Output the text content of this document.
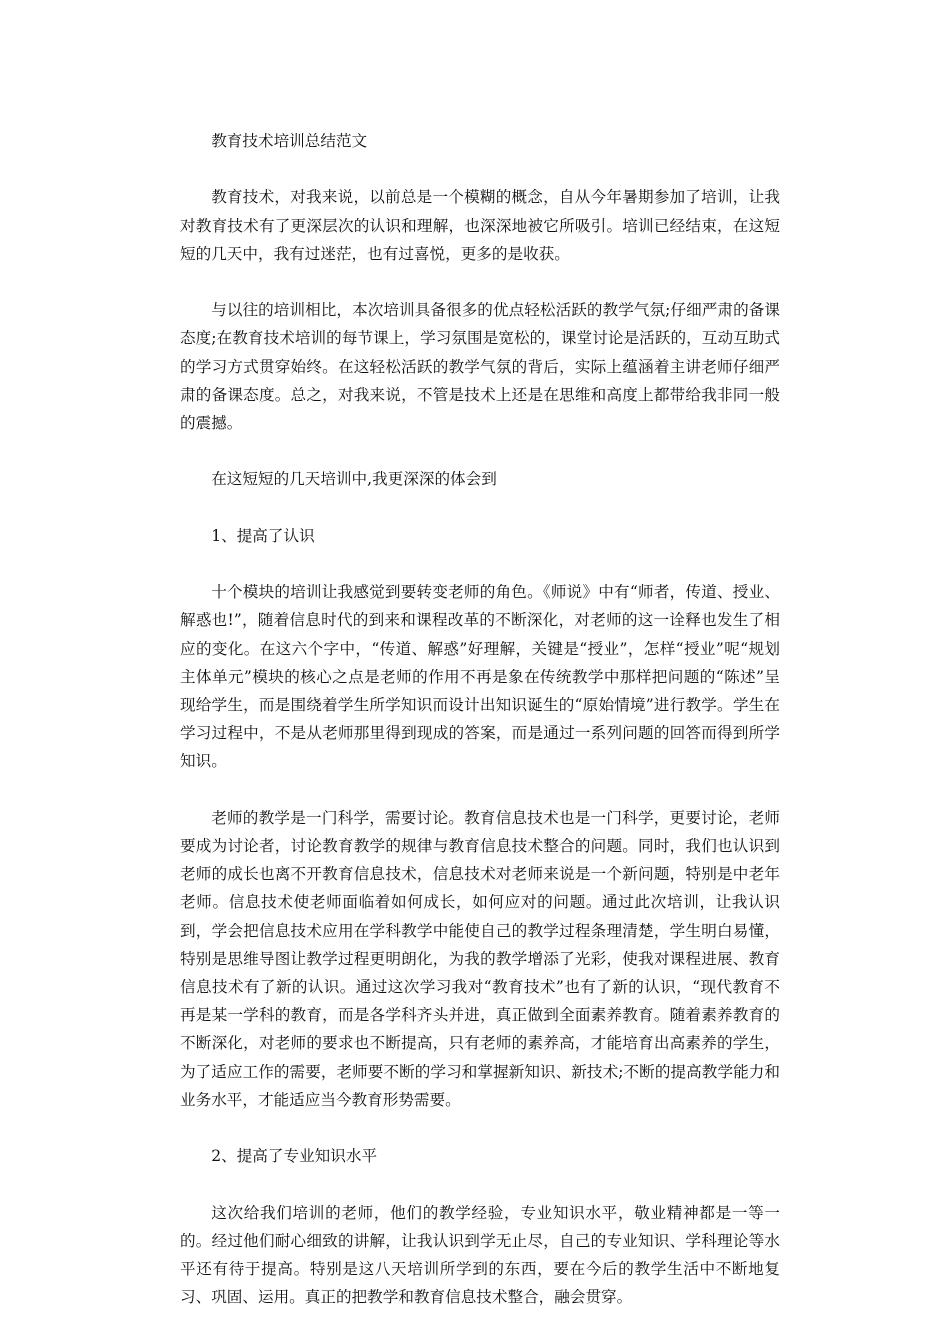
教育技术培训总结范文

教育技术，对我来说，以前总是一个模糊的概念，自从今年暑期参加了培训，让我对教育技术有了更深层次的认识和理解，也深深地被它所吸引。培训已经结束，在这短短的几天中，我有过迷茫，也有过喜悦，更多的是收获。

与以往的培训相比，本次培训具备很多的优点轻松活跃的教学气氛;仔细严肃的备课态度;在教育技术培训的每节课上，学习氛围是宽松的，课堂讨论是活跃的，互动互助式的学习方式贯穿始终。在这轻松活跃的教学气氛的背后，实际上蕴涵着主讲老师仔细严肃的备课态度。总之，对我来说，不管是技术上还是在思维和高度上都带给我非同一般的震撼。

在这短短的几天培训中,我更深深的体会到

1、提高了认识

十个模块的培训让我感觉到要转变老师的角色。《师说》中有“师者，传道、授业、解惑也!”，随着信息时代的到来和课程改革的不断深化，对老师的这一诠释也发生了相应的变化。在这六个字中，“传道、解惑”好理解，关键是“授业”，怎样“授业”呢“规划主体单元”模块的核心之点是老师的作用不再是象在传统教学中那样把问题的“陈述”呈现给学生，而是围绕着学生所学知识而设计出知识诞生的“原始情境”进行教学。学生在学习过程中，不是从老师那里得到现成的答案，而是通过一系列问题的回答而得到所学知识。

老师的教学是一门科学，需要讨论。教育信息技术也是一门科学，更要讨论，老师要成为讨论者，讨论教育教学的规律与教育信息技术整合的问题。同时，我们也认识到老师的成长也离不开教育信息技术，信息技术对老师来说是一个新问题，特别是中老年老师。信息技术使老师面临着如何成长，如何应对的问题。通过此次培训，让我认识到，学会把信息技术应用在学科教学中能使自己的教学过程条理清楚，学生明白易懂，特别是思维导图让教学过程更明朗化，为我的教学增添了光彩，使我对课程进展、教育信息技术有了新的认识。通过这次学习我对“教育技术”也有了新的认识，“现代教育不再是某一学科的教育，而是各学科齐头并进，真正做到全面素养教育。随着素养教育的不断深化，对老师的要求也不断提高，只有老师的素养高，才能培育出高素养的学生，为了适应工作的需要，老师要不断的学习和掌握新知识、新技术;不断的提高教学能力和业务水平，才能适应当今教育形势需要。

2、提高了专业知识水平

这次给我们培训的老师，他们的教学经验，专业知识水平，敬业精神都是一等一的。经过他们耐心细致的讲解，让我认识到学无止尽，自己的专业知识、学科理论等水平还有待于提高。特别是这八天培训所学到的东西，要在今后的教学生活中不断地复习、巩固、运用。真正的把教学和教育信息技术整合，融会贯穿。
